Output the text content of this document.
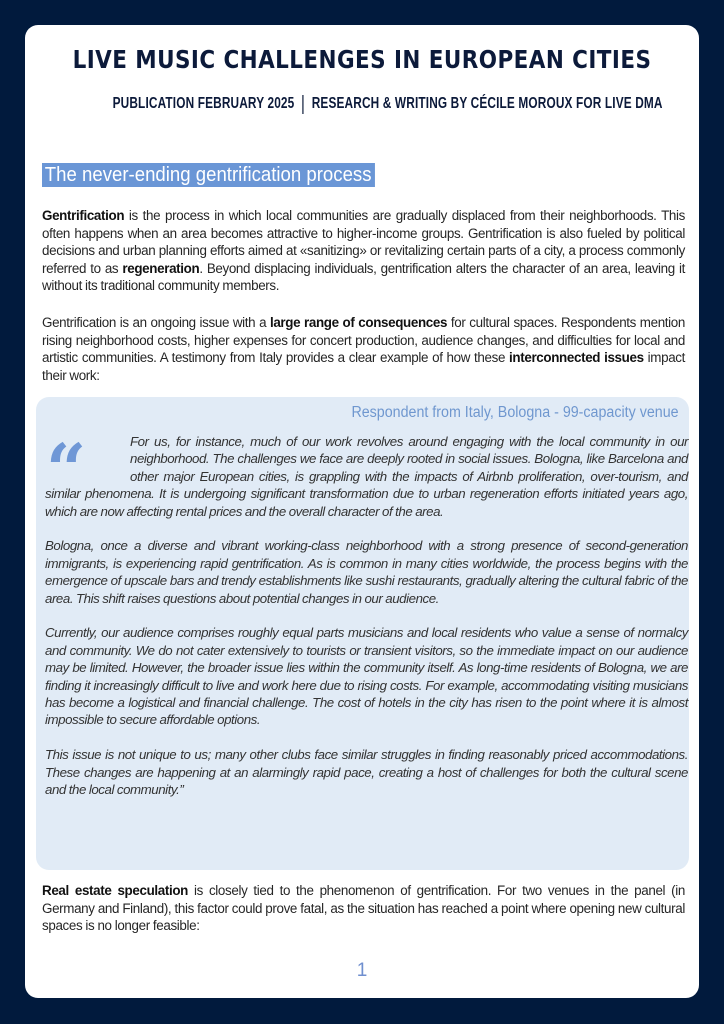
LIVE MUSIC CHALLENGES IN EUROPEAN CITIES
PUBLICATION FEBRUARY 2025 | RESEARCH & WRITING BY CÉCILE MOROUX FOR LIVE DMA
The never-ending gentrification process
Gentrification is the process in which local communities are gradually displaced from their neighborhoods. This often happens when an area becomes attractive to higher-income groups. Gentrification is also fueled by political decisions and urban planning efforts aimed at «sanitizing» or revitalizing certain parts of a city, a process commonly referred to as regeneration. Beyond displacing individuals, gentrification alters the character of an area, leaving it without its traditional community members.
Gentrification is an ongoing issue with a large range of consequences for cultural spaces. Respondents mention rising neighborhood costs, higher expenses for concert production, audience changes, and difficulties for local and artistic communities. A testimony from Italy provides a clear example of how these interconnected issues impact their work:
Respondent from Italy, Bologna - 99-capacity venue
“	For us, for instance, much of our work revolves around engaging with the local community in our neighborhood. The challenges we face are deeply rooted in social issues. Bologna, like Barcelona and other major European cities, is grappling with the impacts of Airbnb proliferation, over-tourism, and similar phenomena. It is undergoing significant transformation due to urban regeneration efforts initiated years ago, which are now affecting rental prices and the overall character of the area.

Bologna, once a diverse and vibrant working-class neighborhood with a strong presence of second-generation immigrants, is experiencing rapid gentrification. As is common in many cities worldwide, the process begins with the emergence of upscale bars and trendy establishments like sushi restaurants, gradually altering the cultural fabric of the area. This shift raises questions about potential changes in our audience.

Currently, our audience comprises roughly equal parts musicians and local residents who value a sense of normalcy and community. We do not cater extensively to tourists or transient visitors, so the immediate impact on our audience may be limited. However, the broader issue lies within the community itself. As long-time residents of Bologna, we are finding it increasingly difficult to live and work here due to rising costs. For example, accommodating visiting musicians has become a logistical and financial challenge. The cost of hotels in the city has risen to the point where it is almost impossible to secure affordable options.

This issue is not unique to us; many other clubs face similar struggles in finding reasonably priced accommodations. These changes are happening at an alarmingly rapid pace, creating a host of challenges for both the cultural scene and the local community.”

Real estate speculation is closely tied to the phenomenon of gentrification. For two venues in the panel (in Germany and Finland), this factor could prove fatal, as the situation has reached a point where opening new cultural spaces is no longer feasible:
1
